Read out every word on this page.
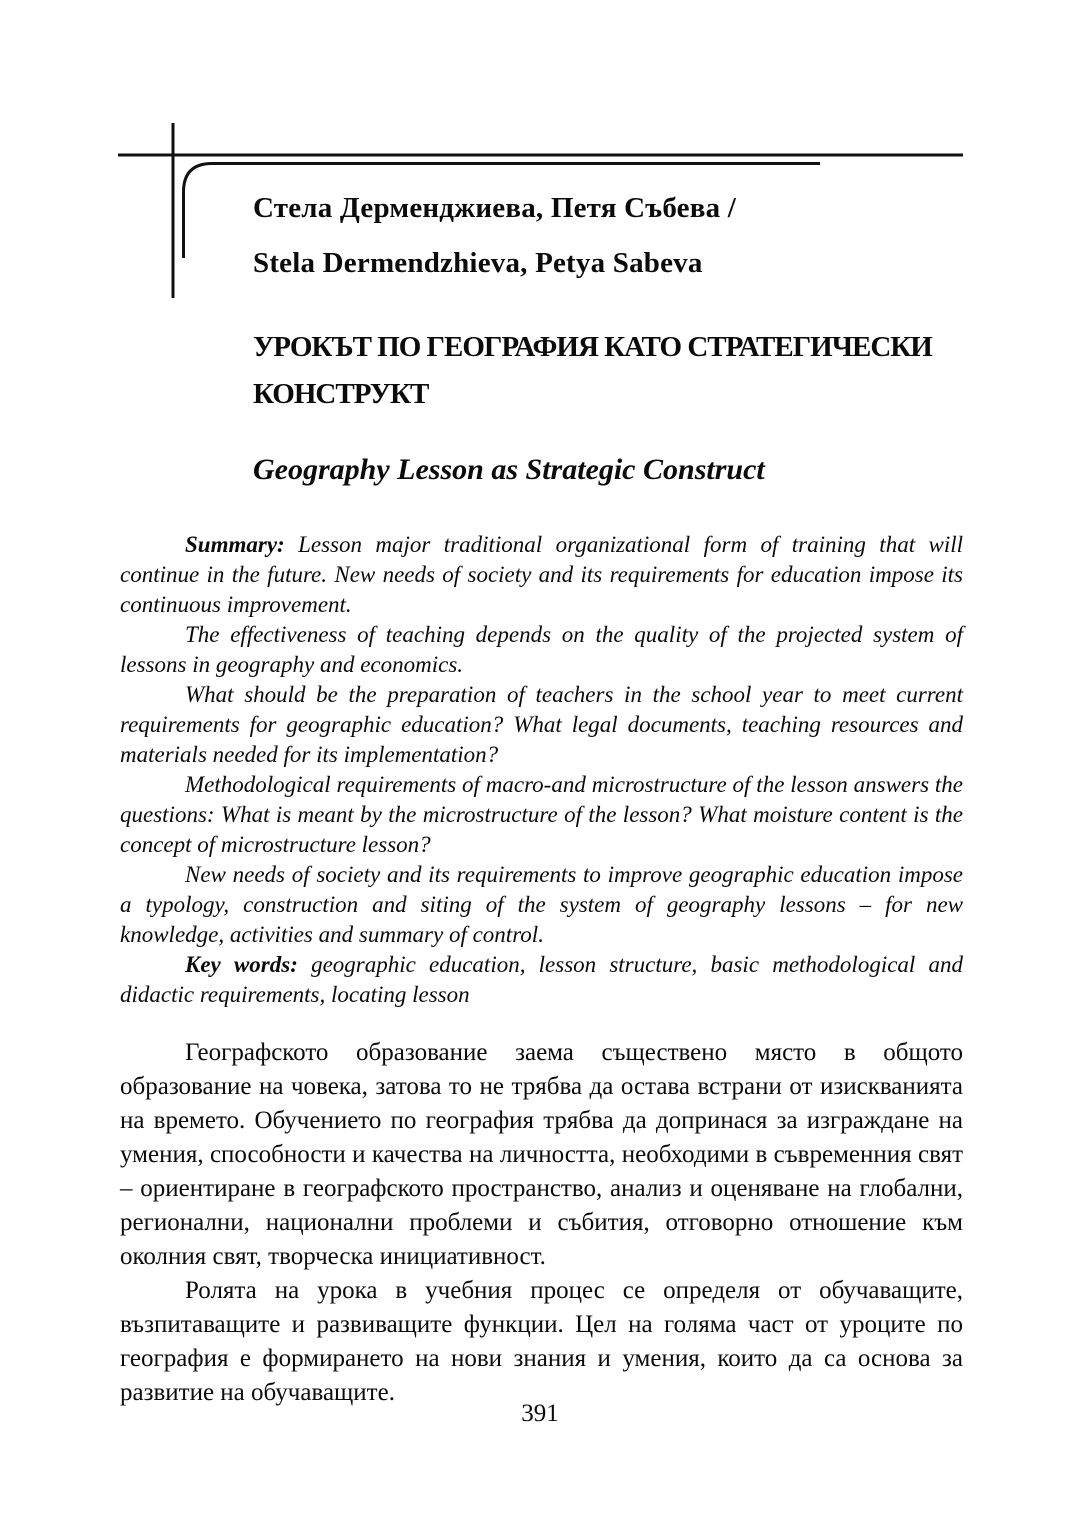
Стела Дерменджиева, Петя Събева /
Stela Dermendzhieva, Petya Sabeva
УРОКЪТ ПО ГЕОГРАФИЯ КАТО СТРАТЕГИЧЕСКИ КОНСТРУКТ
Geography Lesson as Strategic Construct

Summary: Lesson major traditional organizational form of training that will continue in the future. New needs of society and its requirements for education impose its continuous improvement.

The effectiveness of teaching depends on the quality of the projected system of lessons in geography and economics.

What should be the preparation of teachers in the school year to meet current requirements for geographic education? What legal documents, teaching resources and materials needed for its implementation?

Methodological requirements of macro-and microstructure of the lesson answers the questions: What is meant by the microstructure of the lesson? What moisture content is the concept of microstructure lesson?

New needs of society and its requirements to improve geographic education impose a typology, construction and siting of the system of geography lessons – for new knowledge, activities and summary of control.

Key words: geographic education, lesson structure, basic methodological and didactic requirements, locating lesson

Географското образование заема съществено място в общото образование на човека, затова то не трябва да остава встрани от изискванията на времето. Обучението по география трябва да допринася за изграждане на умения, способности и качества на личността, необходими в съвременния свят – ориентиране в географското пространство, анализ и оценяване на глобални, регионални, национални проблеми и събития, отговорно отношение към околния свят, творческа инициативност.

Ролята на урока в учебния процес се определя от обучаващите, възпитаващите и развиващите функции. Цел на голяма част от уроците по география е формирането на нови знания и умения, които да са основа за развитие на обучаващите.

391
